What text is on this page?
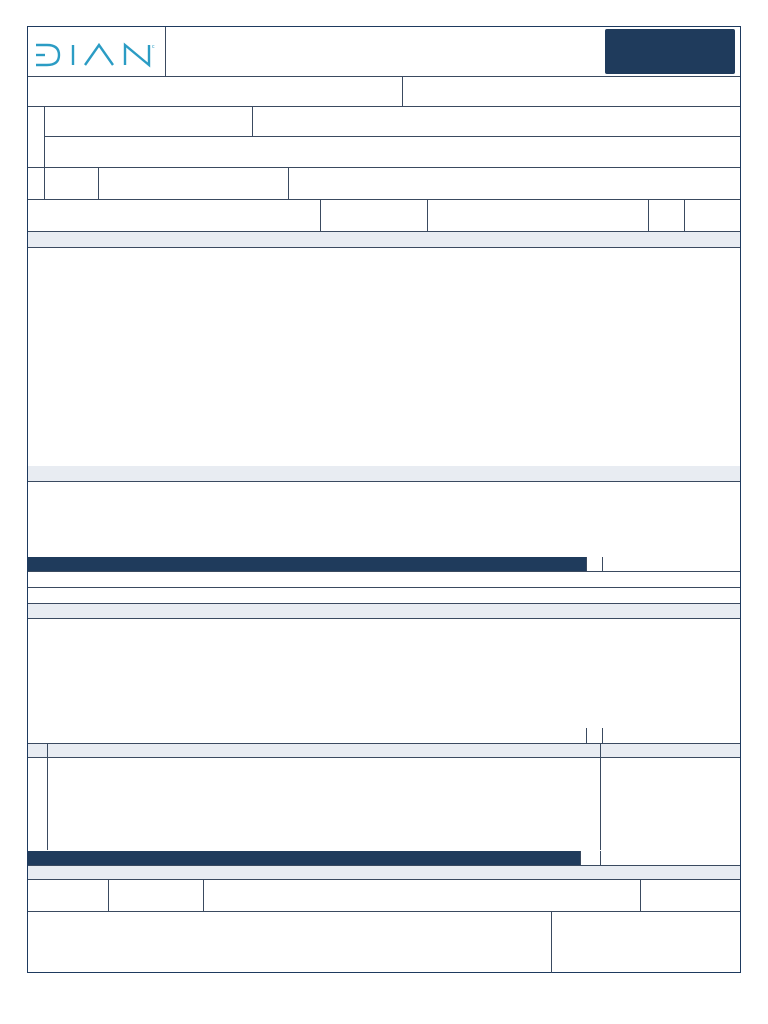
c
